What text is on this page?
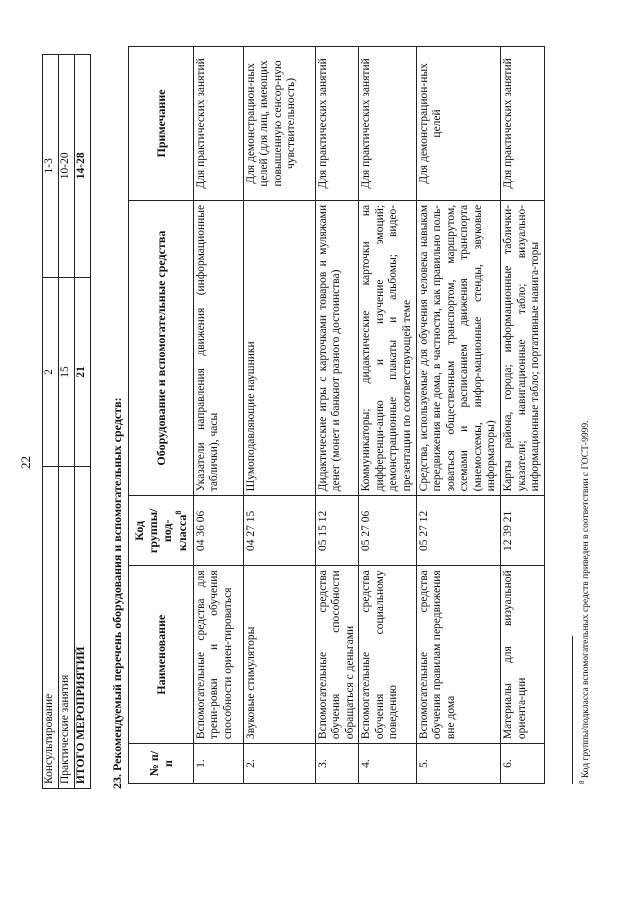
22
Консультирование	2	1-3
Практические занятия	15	10-20
ИТОГО МЕРОПРИЯТИЙ	21	14-28
23. Рекомендуемый перечень оборудования и вспомогательных средств: № п/п	Наименование	Код группы/под-класса$^8$	Оборудование и вспомогательные средства	Примечание
1.	Вспомогательные средства для трени-ровки и обучения способности ориен-тироваться	04 36 06	Указатели направления движения (информационные таблички), часы	Для практических занятий
2.	Звуковые стимуляторы	04 27 15	Шумоподавляющие наушники	Для демонстрацион-ных целей (для лиц, имеющих повышенную сенсор-ную чувствительность)
3.	Вспомогательные средства обучения способности обращаться с деньгами	05 15 12	Дидактические игры с карточками товаров и муляжами денег (монет и банкнот разного достоинства)	Для практических занятий
4.	Вспомогательные средства обучения социальному поведению	05 27 06	Коммуникаторы; дидактические карточки на дифференци-ацию и изучение эмоций; демонстрационные плакаты и альбомы; видео-презентации по соответствующей теме	Для практических занятий
5.	Вспомогательные средства обучения правилам передвижения вне дома	05 27 12	Средства, используемые для обучения человека навыкам передвижения вне дома, в частности, как правильно поль-зоваться общественным транспортом, маршрутом, схемами и расписанием движения транспорта (мнемосхемы, инфор-мационные стенды, звуковые информаторы)	Для демонстрацион-ных целей
6.	Материалы для визуальной ориента-ции	12 39 21	Карты района, города; информационные таблички-указатели; навигационные табло; визуально-информационные табло; портативные навига-торы	Для практических занятий
$^8$ Код группы/подкласса вспомогательных средств приведен в соответствии с ГОСТ-9999.
